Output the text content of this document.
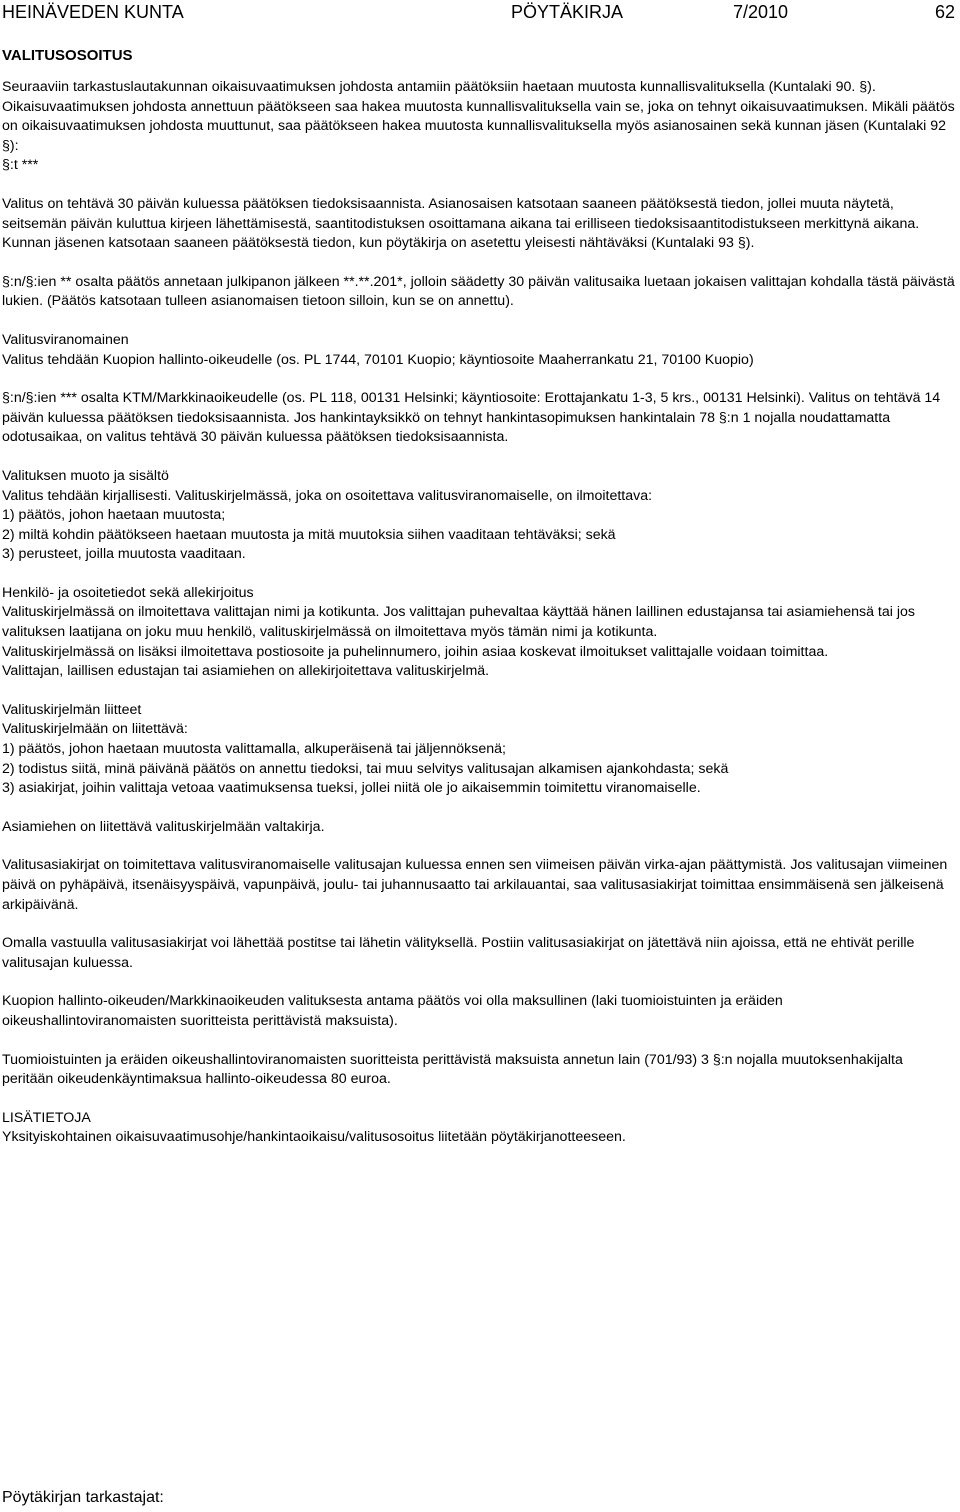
HEINÄVEDEN KUNTA	PÖYTÄKIRJA	7/2010	62
VALITUSOSOITUS

Seuraaviin tarkastuslautakunnan oikaisuvaatimuksen johdosta antamiin päätöksiin haetaan muutosta kunnallisvalituksella (Kuntalaki 90. §). Oikaisuvaatimuksen johdosta annettuun päätökseen saa hakea muutosta kunnallisvalituksella vain se, joka on tehnyt oikaisuvaatimuksen. Mikäli päätös on oikaisuvaatimuksen johdosta muuttunut, saa päätökseen hakea muutosta kunnallisvalituksella myös asianosainen sekä kunnan jäsen (Kuntalaki 92 §):

§:t ***

Valitus on tehtävä 30 päivän kuluessa päätöksen tiedoksisaannista. Asianosaisen katsotaan saaneen päätöksestä tiedon, jollei muuta näytetä, seitsemän päivän kuluttua kirjeen lähettämisestä, saantitodistuksen osoittamana aikana tai erilliseen tiedoksisaantitodistukseen merkittynä aikana. Kunnan jäsenen katsotaan saaneen päätöksestä tiedon, kun pöytäkirja on asetettu yleisesti nähtäväksi (Kuntalaki 93 §).

§:n/§:ien ** osalta päätös annetaan julkipanon jälkeen **.**.201*, jolloin säädetty 30 päivän valitusaika luetaan jokaisen valittajan kohdalla tästä päivästä lukien. (Päätös katsotaan tulleen asianomaisen tietoon silloin, kun se on annettu).

Valitusviranomainen

Valitus tehdään Kuopion hallinto-oikeudelle (os. PL 1744, 70101 Kuopio; käyntiosoite Maaherrankatu 21, 70100 Kuopio)

§:n/§:ien *** osalta KTM/Markkinaoikeudelle (os. PL 118, 00131 Helsinki; käyntiosoite: Erottajankatu 1-3, 5 krs., 00131 Helsinki). Valitus on tehtävä 14 päivän kuluessa päätöksen tiedoksisaannista. Jos hankintayksikkö on tehnyt hankintasopimuksen hankintalain 78 §:n 1 nojalla noudattamatta odotusaikaa, on valitus tehtävä 30 päivän kuluessa päätöksen tiedoksisaannista.

Valituksen muoto ja sisältö

Valitus tehdään kirjallisesti. Valituskirjelmässä, joka on osoitettava valitusviranomaiselle, on ilmoitettava:

1) päätös, johon haetaan muutosta;

2) miltä kohdin päätökseen haetaan muutosta ja mitä muutoksia siihen vaaditaan tehtäväksi; sekä

3) perusteet, joilla muutosta vaaditaan.

Henkilö- ja osoitetiedot sekä allekirjoitus

Valituskirjelmässä on ilmoitettava valittajan nimi ja kotikunta. Jos valittajan puhevaltaa käyttää hänen laillinen edustajansa tai asiamiehensä tai jos valituksen laatijana on joku muu henkilö, valituskirjelmässä on ilmoitettava myös tämän nimi ja kotikunta.

Valituskirjelmässä on lisäksi ilmoitettava postiosoite ja puhelinnumero, joihin asiaa koskevat ilmoitukset valittajalle voidaan toimittaa.

Valittajan, laillisen edustajan tai asiamiehen on allekirjoitettava valituskirjelmä.

Valituskirjelmän liitteet

Valituskirjelmään on liitettävä:

1) päätös, johon haetaan muutosta valittamalla, alkuperäisenä tai jäljennöksenä;

2) todistus siitä, minä päivänä päätös on annettu tiedoksi, tai muu selvitys valitusajan alkamisen ajankohdasta; sekä

3) asiakirjat, joihin valittaja vetoaa vaatimuksensa tueksi, jollei niitä ole jo aikaisemmin toimitettu viranomaiselle.

Asiamiehen on liitettävä valituskirjelmään valtakirja.

Valitusasiakirjat on toimitettava valitusviranomaiselle valitusajan kuluessa ennen sen viimeisen päivän virka-ajan päättymistä. Jos valitusajan viimeinen päivä on pyhäpäivä, itsenäisyyspäivä, vapunpäivä, joulu- tai juhannusaatto tai arkilauantai, saa valitusasiakirjat toimittaa ensimmäisenä sen jälkeisenä arkipäivänä.

Omalla vastuulla valitusasiakirjat voi lähettää postitse tai lähetin välityksellä. Postiin valitusasiakirjat on jätettävä niin ajoissa, että ne ehtivät perille valitusajan kuluessa.

Kuopion hallinto-oikeuden/Markkinaoikeuden valituksesta antama päätös voi olla maksullinen (laki tuomioistuinten ja eräiden oikeushallintoviranomaisten suoritteista perittävistä maksuista).

Tuomioistuinten ja eräiden oikeushallintoviranomaisten suoritteista perittävistä maksuista annetun lain (701/93) 3 §:n nojalla muutoksenhakijalta peritään oikeudenkäyntimaksua hallinto-oikeudessa 80 euroa.

LISÄTIETOJA

Yksityiskohtainen oikaisuvaatimusohje/hankintaoikaisu/valitusosoitus liitetään pöytäkirjanotteeseen.

Pöytäkirjan tarkastajat:
